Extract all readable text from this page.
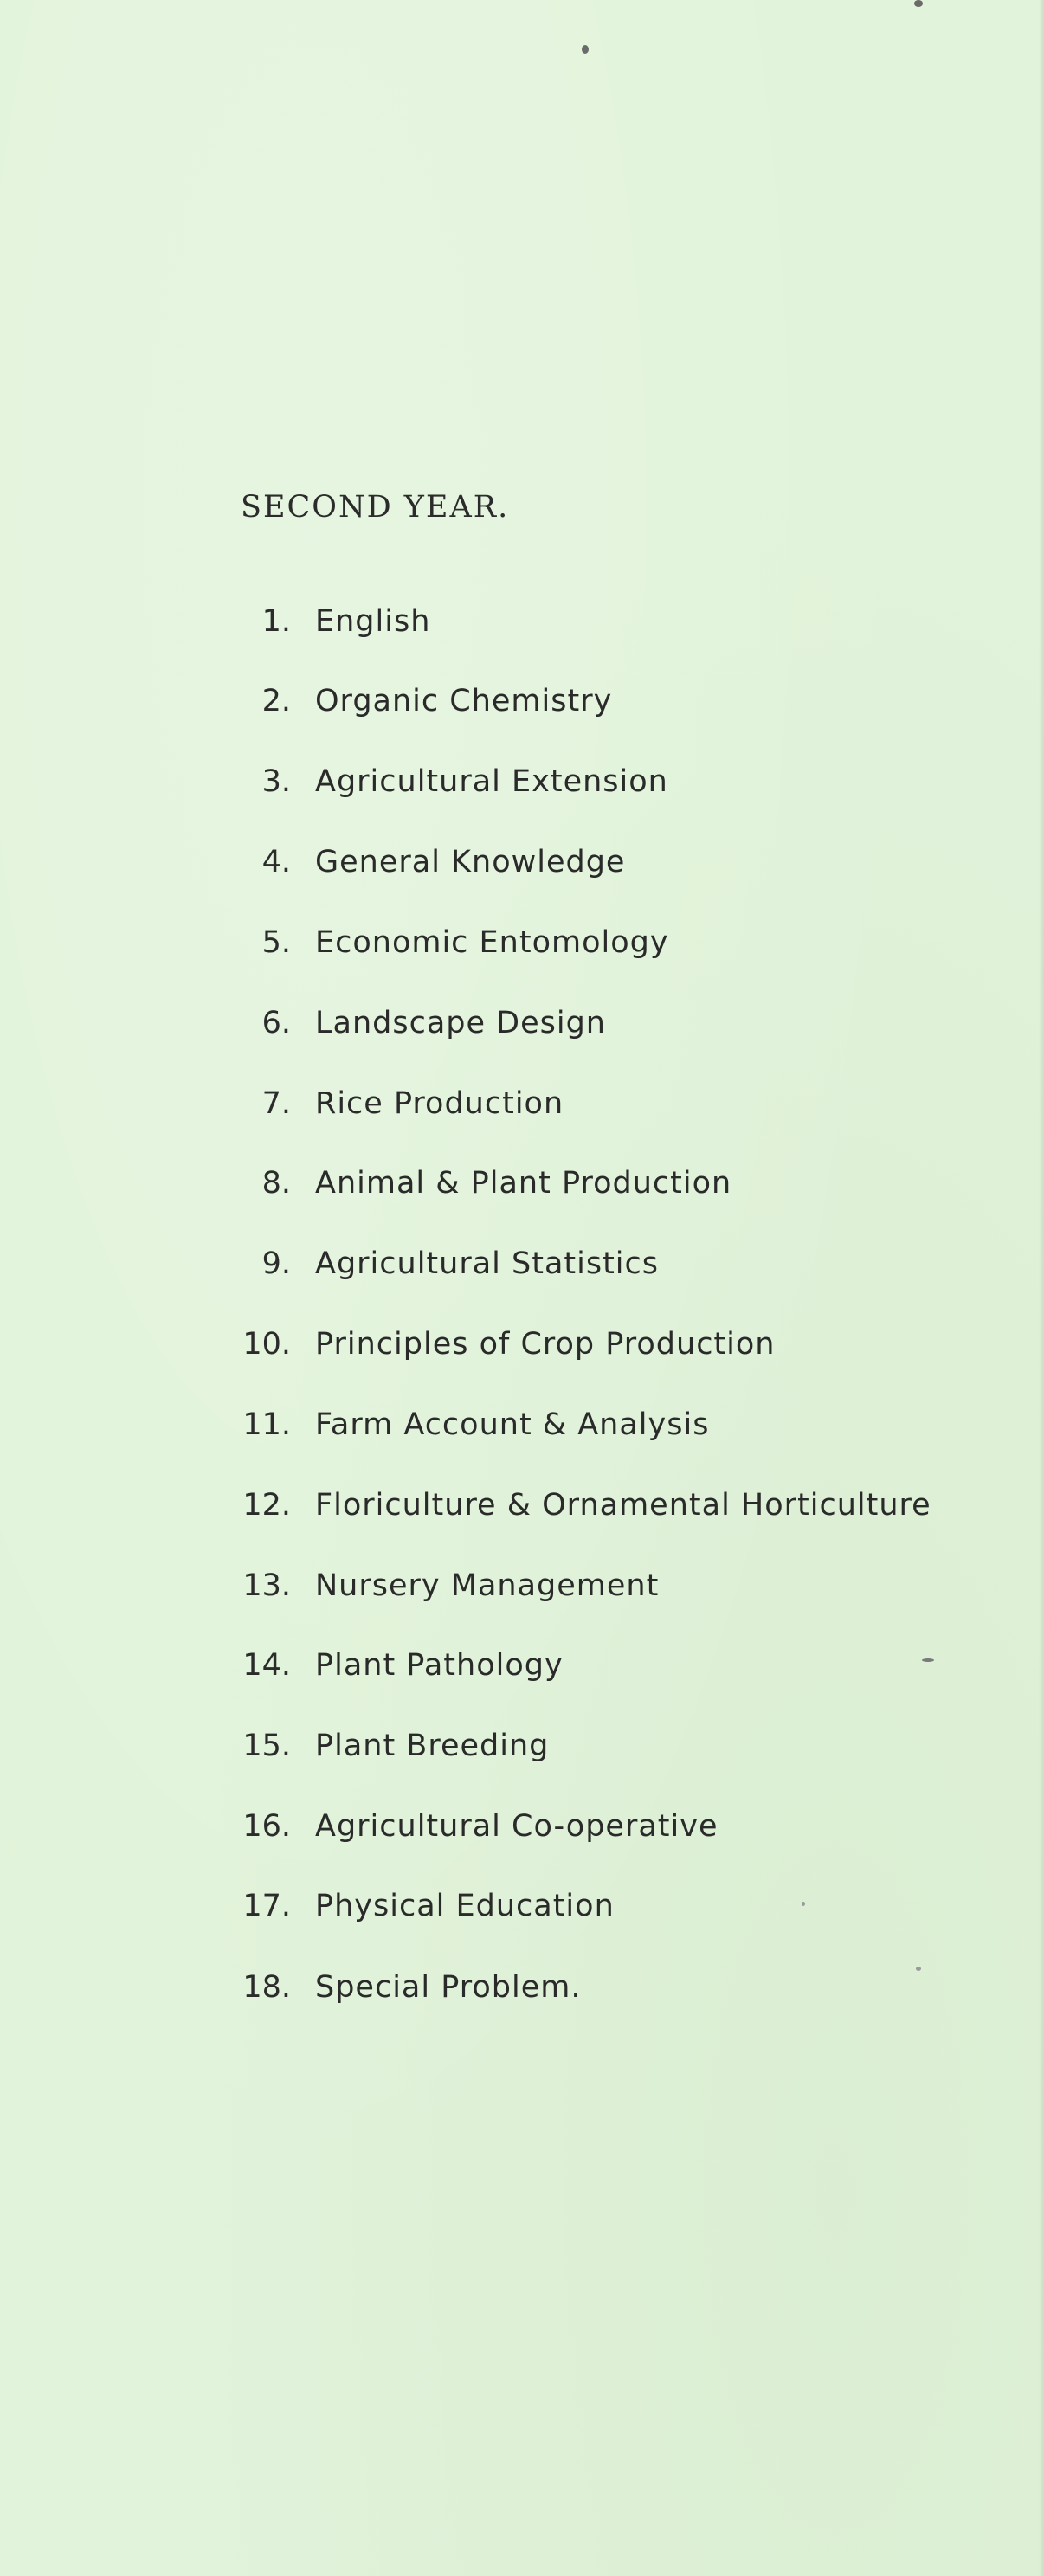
SECOND YEAR.
1. English
2. Organic Chemistry
3. Agricultural Extension
4. General Knowledge
5. Economic Entomology
6. Landscape Design
7. Rice Production
8. Animal & Plant Production
9. Agricultural Statistics
10. Principles of Crop Production
11. Farm Account & Analysis
12. Floriculture & Ornamental Horticulture
13. Nursery Management
14. Plant Pathology
15. Plant Breeding
16. Agricultural Co-operative
17. Physical Education
18. Special Problem.
